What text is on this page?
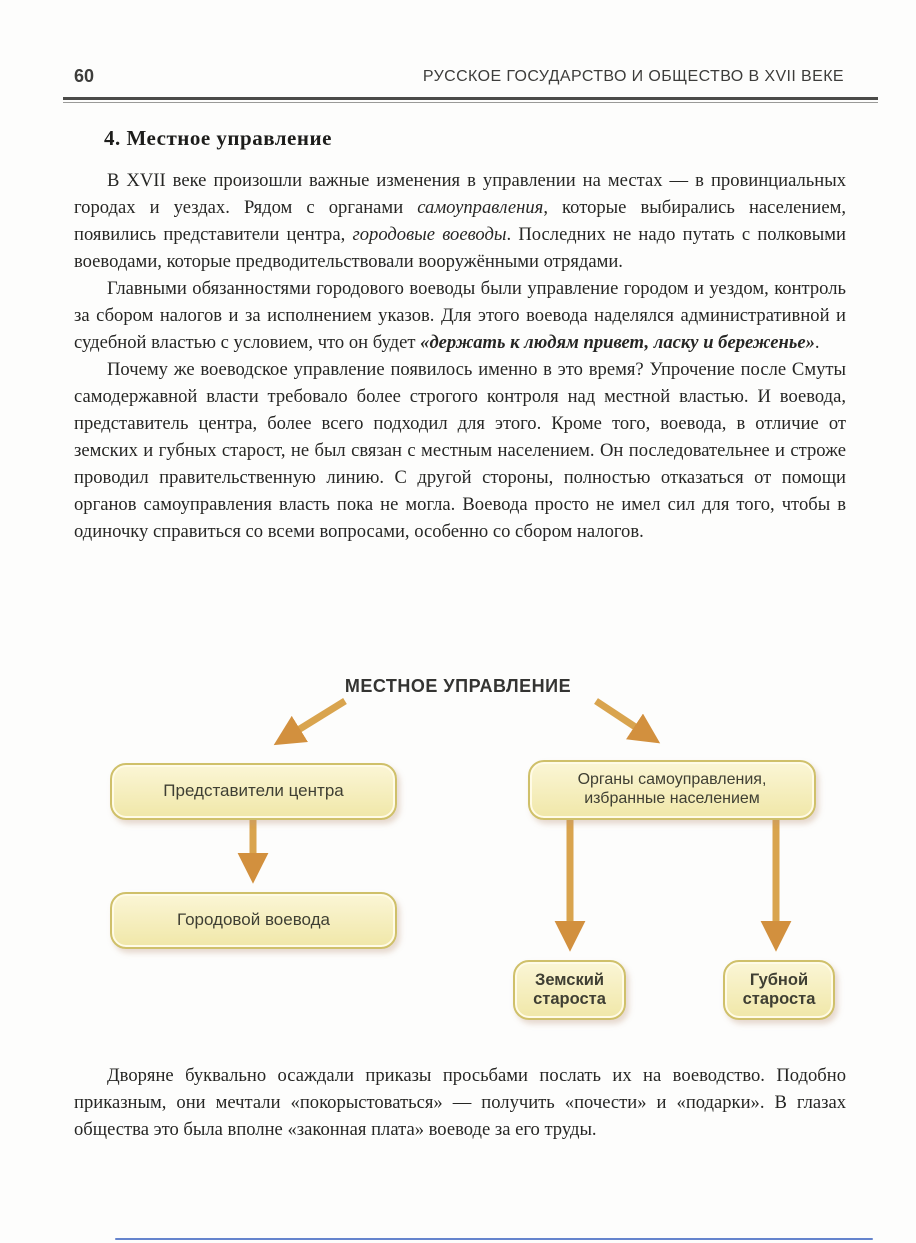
60	РУССКОЕ ГОСУДАРСТВО И ОБЩЕСТВО В XVII ВЕКЕ
4. Местное управление

В XVII веке произошли важные изменения в управлении на местах — в провинциальных городах и уездах. Рядом с органами самоуправления, которые выбирались населением, появились представители центра, городовые воеводы. Последних не надо путать с полковыми воеводами, которые предводительствовали вооружёнными отрядами.

Главными обязанностями городового воеводы были управление городом и уездом, контроль за сбором налогов и за исполнением указов. Для этого воевода наделялся административной и судебной властью с условием, что он будет «держать к людям привет, ласку и береженье».

Почему же воеводское управление появилось именно в это время? Упрочение после Смуты самодержавной власти требовало более строгого контроля над местной властью. И воевода, представитель центра, более всего подходил для этого. Кроме того, воевода, в отличие от земских и губных старост, не был связан с местным населением. Он последовательнее и строже проводил правительственную линию. С другой стороны, полностью отказаться от помощи органов самоуправления власть пока не могла. Воевода просто не имел сил для того, чтобы в одиночку справиться со всеми вопросами, особенно со сбором налогов.

МЕСТНОЕ УПРАВЛЕНИЕ
Представители центра
Органы самоуправления,
избранные населением
Городовой воевода
Земский
староста
Губной
староста

Дворяне буквально осаждали приказы просьбами послать их на воеводство. Подобно приказным, они мечтали «покорыстоваться» — получить «почести» и «подарки». В глазах общества это была вполне «законная плата» воеводе за его труды.
